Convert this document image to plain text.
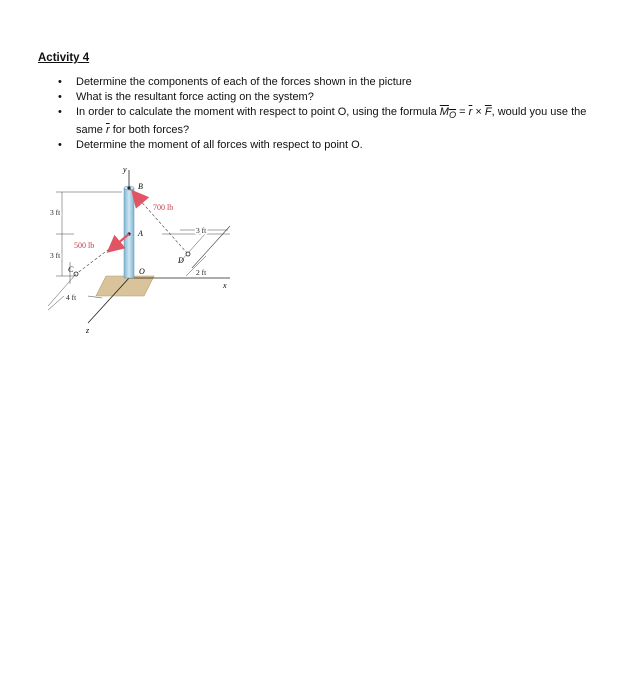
Activity 4
• Determine the components of each of the forces shown in the picture
• What is the resultant force acting on the system?
• In order to calculate the moment with respect to point O, using the formula $M_O = \overline{r} \times \overline{F}$, would you use the same $\overline{r}$ for both forces?
• Determine the moment of all forces with respect to point O.
y
x
z
B
A
O
700 lb
3 ft
D
2 ft
3 ft
3 ft
500 lb
C
4 ft
